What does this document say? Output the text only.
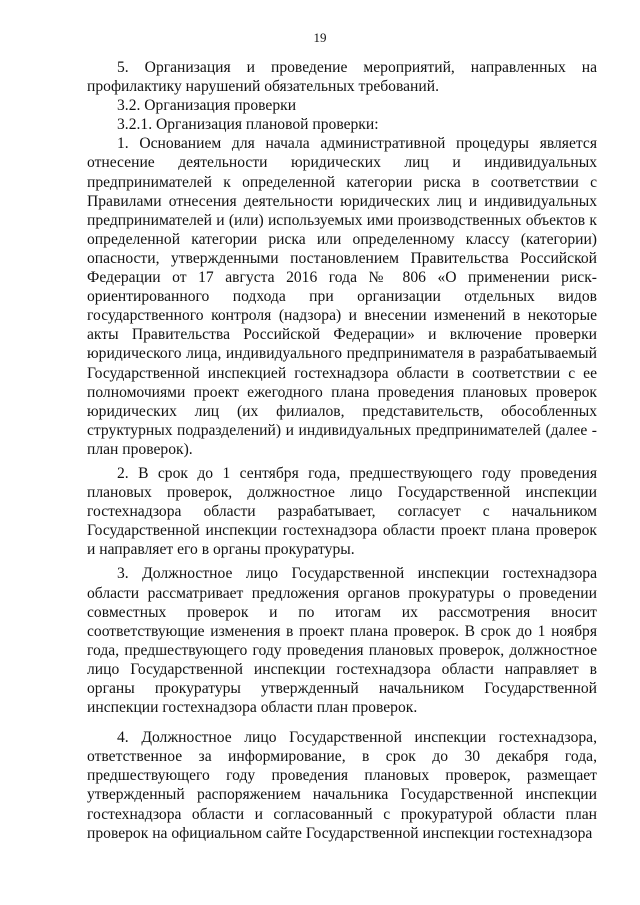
19

5. Организация и проведение мероприятий, направленных на профилактику нарушений обязательных требований.

3.2. Организация проверки

3.2.1. Организация плановой проверки:

1. Основанием для начала административной процедуры является отнесение деятельности юридических лиц и индивидуальных предпринимателей к определенной категории риска в соответствии с Правилами отнесения деятельности юридических лиц и индивидуальных предпринимателей и (или) используемых ими производственных объектов к определенной категории риска или определенному классу (категории) опасности, утвержденными постановлением Правительства Российской Федерации от 17 августа 2016 года № 806 «О применении риск-ориентированного подхода при организации отдельных видов государственного контроля (надзора) и внесении изменений в некоторые акты Правительства Российской Федерации» и включение проверки юридического лица, индивидуального предпринимателя в разрабатываемый Государственной инспекцией гостехнадзора области в соответствии с ее полномочиями проект ежегодного плана проведения плановых проверок юридических лиц (их филиалов, представительств, обособленных структурных подразделений) и индивидуальных предпринимателей (далее - план проверок).

2. В срок до 1 сентября года, предшествующего году проведения плановых проверок, должностное лицо Государственной инспекции гостехнадзора области разрабатывает, согласует с начальником Государственной инспекции гостехнадзора области проект плана проверок и направляет его в органы прокуратуры.

3. Должностное лицо Государственной инспекции гостехнадзора области рассматривает предложения органов прокуратуры о проведении совместных проверок и по итогам их рассмотрения вносит соответствующие изменения в проект плана проверок. В срок до 1 ноября года, предшествующего году проведения плановых проверок, должностное лицо Государственной инспекции гостехнадзора области направляет в органы прокуратуры утвержденный начальником Государственной инспекции гостехнадзора области план проверок.

4. Должностное лицо Государственной инспекции гостехнадзора, ответственное за информирование, в срок до 30 декабря года, предшествующего году проведения плановых проверок, размещает утвержденный распоряжением начальника Государственной инспекции гостехнадзора области и согласованный с прокуратурой области план проверок на официальном сайте Государственной инспекции гостехнадзора
